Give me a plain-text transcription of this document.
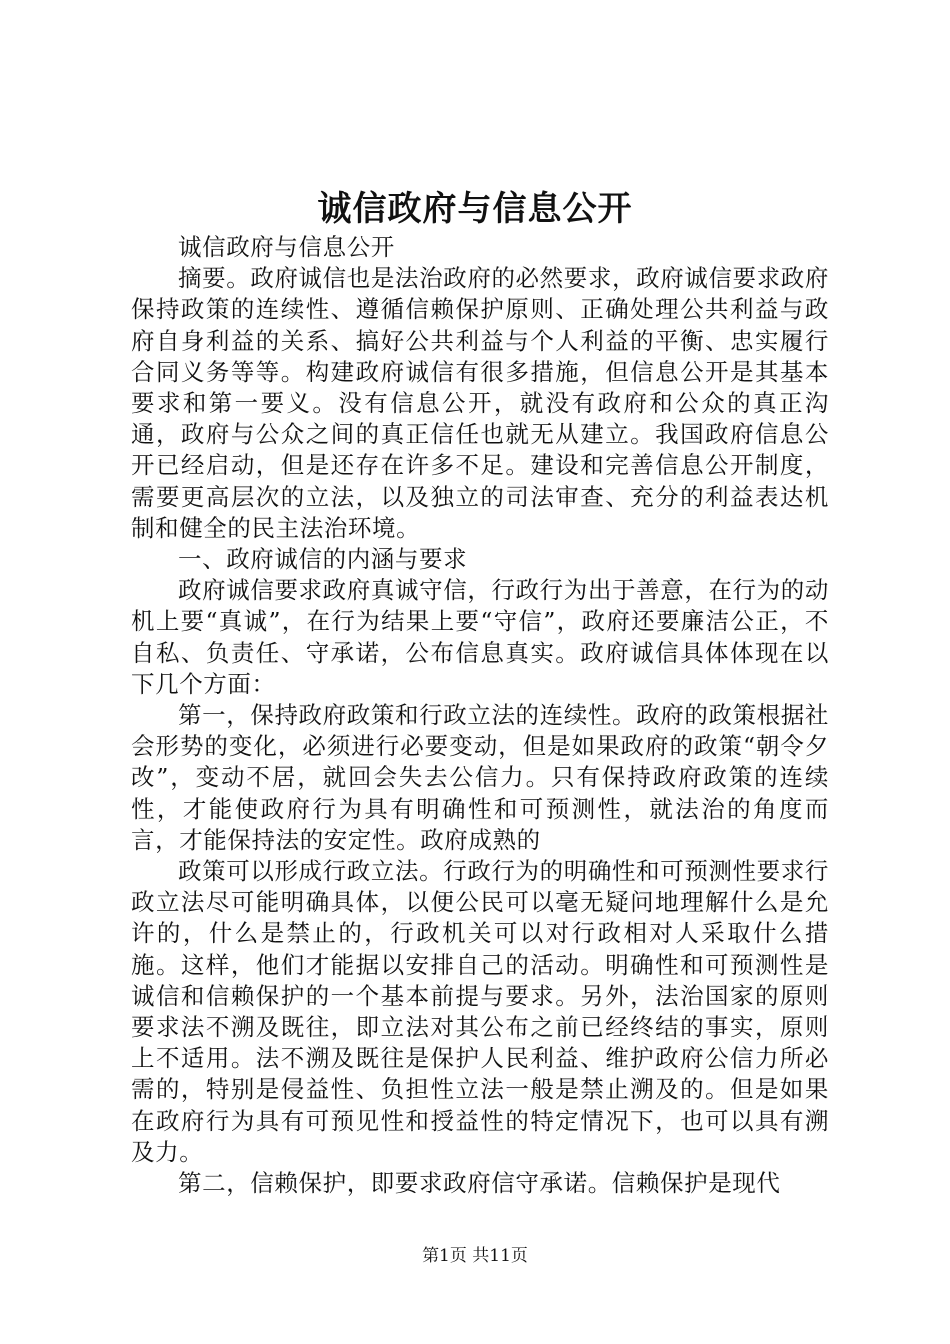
诚信政府与信息公开

诚信政府与信息公开

摘要。政府诚信也是法治政府的必然要求，政府诚信要求政府保持政策的连续性、遵循信赖保护原则、正确处理公共利益与政府自身利益的关系、搞好公共利益与个人利益的平衡、忠实履行合同义务等等。构建政府诚信有很多措施，但信息公开是其基本要求和第一要义。没有信息公开，就没有政府和公众的真正沟通，政府与公众之间的真正信任也就无从建立。我国政府信息公开已经启动，但是还存在许多不足。建设和完善信息公开制度，需要更高层次的立法，以及独立的司法审查、充分的利益表达机制和健全的民主法治环境。

一、政府诚信的内涵与要求

政府诚信要求政府真诚守信，行政行为出于善意，在行为的动机上要“真诚”，在行为结果上要“守信”，政府还要廉洁公正，不自私、负责任、守承诺，公布信息真实。政府诚信具体体现在以下几个方面：

第一，保持政府政策和行政立法的连续性。政府的政策根据社会形势的变化，必须进行必要变动，但是如果政府的政策“朝令夕改”，变动不居，就回会失去公信力。只有保持政府政策的连续性，才能使政府行为具有明确性和可预测性，就法治的角度而言，才能保持法的安定性。政府成熟的

政策可以形成行政立法。行政行为的明确性和可预测性要求行政立法尽可能明确具体，以便公民可以毫无疑问地理解什么是允许的，什么是禁止的，行政机关可以对行政相对人采取什么措施。这样，他们才能据以安排自己的活动。明确性和可预测性是诚信和信赖保护的一个基本前提与要求。另外，法治国家的原则要求法不溯及既往，即立法对其公布之前已经终结的事实，原则上不适用。法不溯及既往是保护人民利益、维护政府公信力所必需的，特别是侵益性、负担性立法一般是禁止溯及的。但是如果在政府行为具有可预见性和授益性的特定情况下，也可以具有溯及力。

第二，信赖保护，即要求政府信守承诺。信赖保护是现代

第1页 共11页
